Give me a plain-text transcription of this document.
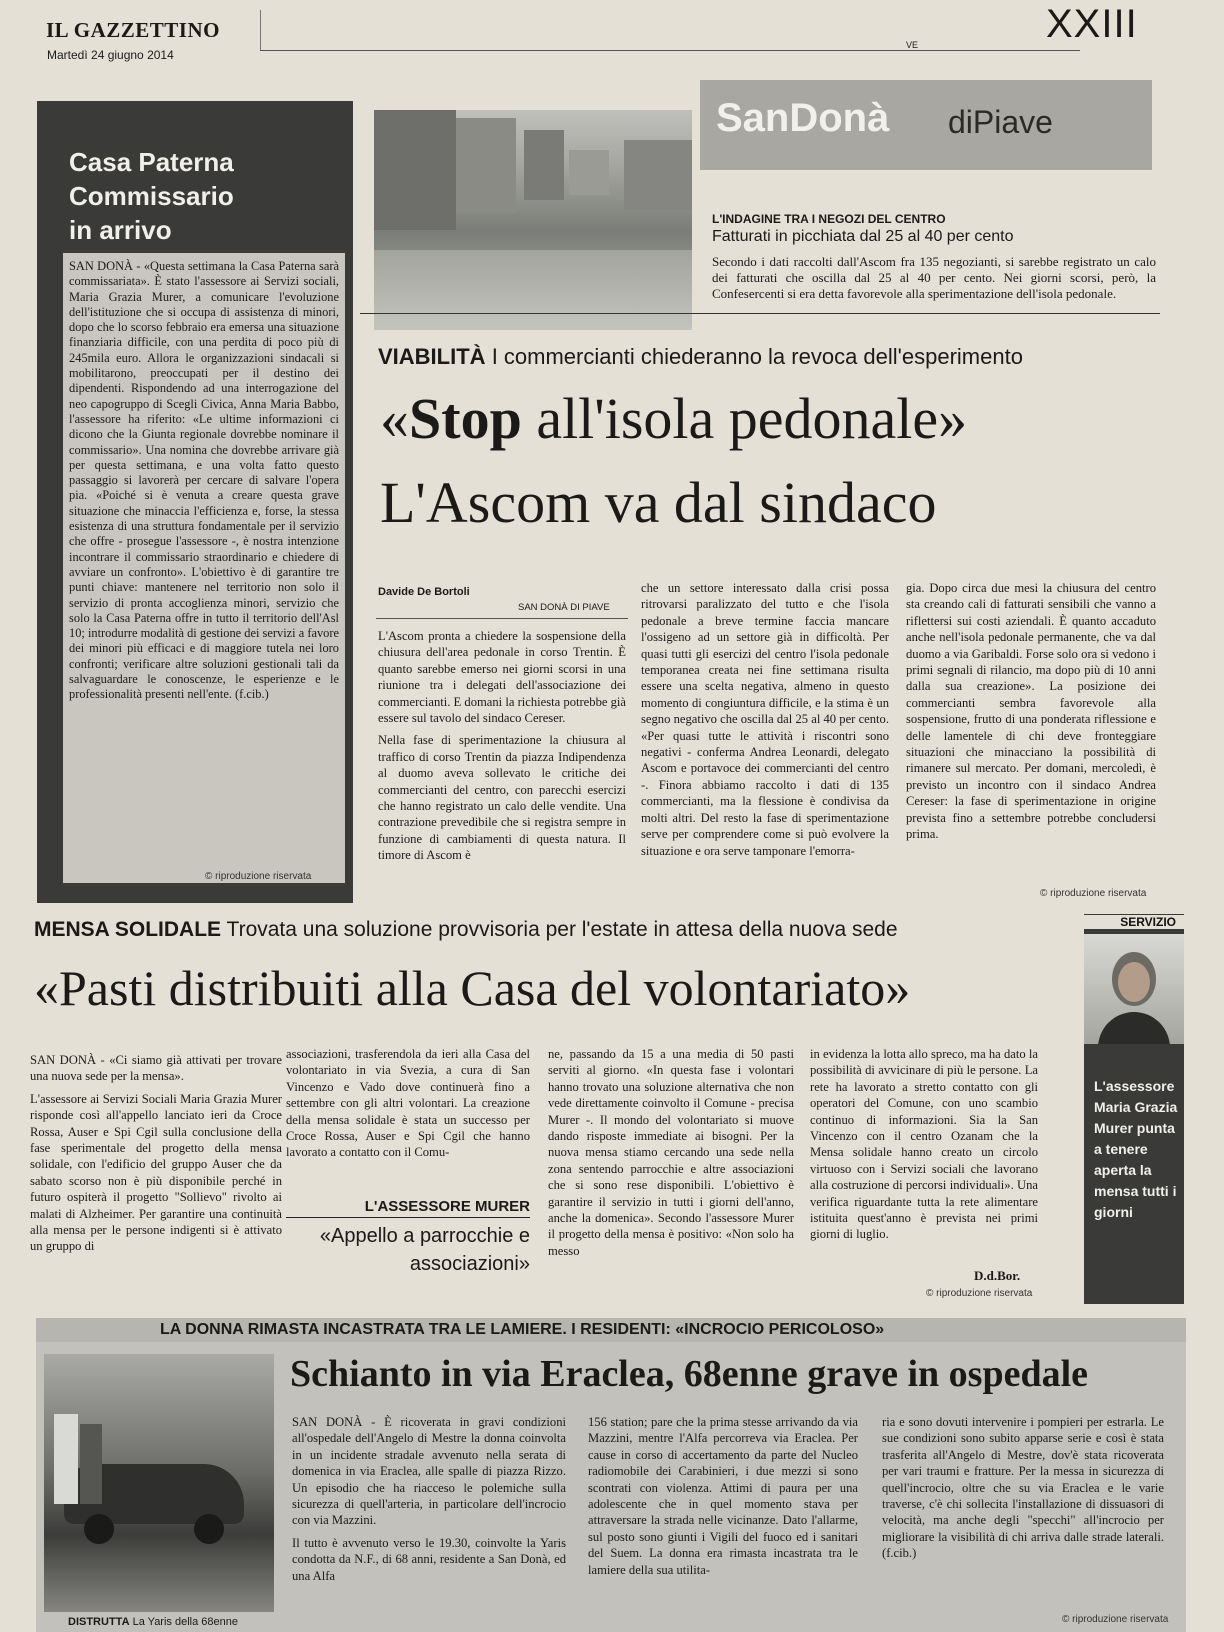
IL GAZZETTINO
Martedì 24 giugno 2014
VE	XXIII
Casa Paterna
Commissario
in arrivo

SAN DONÀ - «Questa settimana la Casa Paterna sarà commissariata». È stato l'assessore ai Servizi sociali, Maria Grazia Murer, a comunicare l'evoluzione dell'istituzione che si occupa di assistenza di minori, dopo che lo scorso febbraio era emersa una situazione finanziaria difficile, con una perdita di poco più di 245mila euro. Allora le organizzazioni sindacali si mobilitarono, preoccupati per il destino dei dipendenti. Rispondendo ad una interrogazione del neo capogruppo di Scegli Civica, Anna Maria Babbo, l'assessore ha riferito: «Le ultime informazioni ci dicono che la Giunta regionale dovrebbe nominare il commissario». Una nomina che dovrebbe arrivare già per questa settimana, e una volta fatto questo passaggio si lavorerà per cercare di salvare l'opera pia. «Poiché si è venuta a creare questa grave situazione che minaccia l'efficienza e, forse, la stessa esistenza di una struttura fondamentale per il servizio che offre - prosegue l'assessore -, è nostra intenzione incontrare il commissario straordinario e chiedere di avviare un confronto». L'obiettivo è di garantire tre punti chiave: mantenere nel territorio non solo il servizio di pronta accoglienza minori, servizio che solo la Casa Paterna offre in tutto il territorio dell'Asl 10; introdurre modalità di gestione dei servizi a favore dei minori più efficaci e di maggiore tutela nei loro confronti; verificare altre soluzioni gestionali tali da salvaguardare le conoscenze, le esperienze e le professionalità presenti nell'ente. (f.cib.)

© riproduzione riservata
SanDonà diPiave
L'INDAGINE TRA I NEGOZI DEL CENTRO
Fatturati in picchiata dal 25 al 40 per cento

Secondo i dati raccolti dall'Ascom fra 135 negozianti, si sarebbe registrato un calo dei fatturati che oscilla dal 25 al 40 per cento. Nei giorni scorsi, però, la Confesercenti si era detta favorevole alla sperimentazione dell'isola pedonale.

VIABILITÀ I commercianti chiederanno la revoca dell'esperimento
«Stop all'isola pedonale»
L'Ascom va dal sindaco
Davide De Bortoli
SAN DONÀ DI PIAVE

L'Ascom pronta a chiedere la sospensione della chiusura dell'area pedonale in corso Trentin. È quanto sarebbe emerso nei giorni scorsi in una riunione tra i delegati dell'associazione dei commercianti. E domani la richiesta potrebbe già essere sul tavolo del sindaco Cereser.

Nella fase di sperimentazione la chiusura al traffico di corso Trentin da piazza Indipendenza al duomo aveva sollevato le critiche dei commercianti del centro, con parecchi esercizi che hanno registrato un calo delle vendite. Una contrazione prevedibile che si registra sempre in funzione di cambiamenti di questa natura. Il timore di Ascom è

che un settore interessato dalla crisi possa ritrovarsi paralizzato del tutto e che l'isola pedonale a breve termine faccia mancare l'ossigeno ad un settore già in difficoltà. Per quasi tutti gli esercizi del centro l'isola pedonale temporanea creata nei fine settimana risulta essere una scelta negativa, almeno in questo momento di congiuntura difficile, e la stima è un segno negativo che oscilla dal 25 al 40 per cento. «Per quasi tutte le attività i riscontri sono negativi - conferma Andrea Leonardi, delegato Ascom e portavoce dei commercianti del centro -. Finora abbiamo raccolto i dati di 135 commercianti, ma la flessione è condivisa da molti altri. Del resto la fase di sperimentazione serve per comprendere come si può evolvere la situazione e ora serve tamponare l'emorra-

gia. Dopo circa due mesi la chiusura del centro sta creando cali di fatturati sensibili che vanno a riflettersi sui costi aziendali. È quanto accaduto anche nell'isola pedonale permanente, che va dal duomo a via Garibaldi. Forse solo ora si vedono i primi segnali di rilancio, ma dopo più di 10 anni dalla sua creazione». La posizione dei commercianti sembra favorevole alla sospensione, frutto di una ponderata riflessione e delle lamentele di chi deve fronteggiare situazioni che minacciano la possibilità di rimanere sul mercato. Per domani, mercoledì, è previsto un incontro con il sindaco Andrea Cereser: la fase di sperimentazione in origine prevista fino a settembre potrebbe concludersi prima.

© riproduzione riservata
MENSA SOLIDALE Trovata una soluzione provvisoria per l'estate in attesa della nuova sede
«Pasti distribuiti alla Casa del volontariato»

SAN DONÀ - «Ci siamo già attivati per trovare una nuova sede per la mensa».

L'assessore ai Servizi Sociali Maria Grazia Murer risponde così all'appello lanciato ieri da Croce Rossa, Auser e Spi Cgil sulla conclusione della fase sperimentale del progetto della mensa solidale, con l'edificio del gruppo Auser che da sabato scorso non è più disponibile perché in futuro ospiterà il progetto "Sollievo" rivolto ai malati di Alzheimer. Per garantire una continuità alla mensa per le persone indigenti si è attivato un gruppo di

associazioni, trasferendola da ieri alla Casa del volontariato in via Svezia, a cura di San Vincenzo e Vado dove continuerà fino a settembre con gli altri volontari. La creazione della mensa solidale è stata un successo per Croce Rossa, Auser e Spi Cgil che hanno lavorato a contatto con il Comu-

L'ASSESSORE MURER
«Appello a parrocchie e associazioni»

ne, passando da 15 a una media di 50 pasti serviti al giorno. «In questa fase i volontari hanno trovato una soluzione alternativa che non vede direttamente coinvolto il Comune - precisa Murer -. Il mondo del volontariato si muove dando risposte immediate ai bisogni. Per la nuova mensa stiamo cercando una sede nella zona sentendo parrocchie e altre associazioni che si sono rese disponibili. L'obiettivo è garantire il servizio in tutti i giorni dell'anno, anche la domenica». Secondo l'assessore Murer il progetto della mensa è positivo: «Non solo ha messo

in evidenza la lotta allo spreco, ma ha dato la possibilità di avvicinare di più le persone. La rete ha lavorato a stretto contatto con gli operatori del Comune, con uno scambio continuo di informazioni. Sia la San Vincenzo con il centro Ozanam che la Mensa solidale hanno creato un circolo virtuoso con i Servizi sociali che lavorano alla costruzione di percorsi individuali». Una verifica riguardante tutta la rete alimentare istituita quest'anno è prevista nei primi giorni di luglio.

D.d.Bor.
© riproduzione riservata
SERVIZIO
L'assessore Maria Grazia Murer punta a tenere aperta la mensa tutti i giorni
LA DONNA RIMASTA INCASTRATA TRA LE LAMIERE. I RESIDENTI: «INCROCIO PERICOLOSO»
DISTRUTTA La Yaris della 68enne
Schianto in via Eraclea, 68enne grave in ospedale

SAN DONÀ - È ricoverata in gravi condizioni all'ospedale dell'Angelo di Mestre la donna coinvolta in un incidente stradale avvenuto nella serata di domenica in via Eraclea, alle spalle di piazza Rizzo. Un episodio che ha riacceso le polemiche sulla sicurezza di quell'arteria, in particolare dell'incrocio con via Mazzini.

Il tutto è avvenuto verso le 19.30, coinvolte la Yaris condotta da N.F., di 68 anni, residente a San Donà, ed una Alfa

156 station; pare che la prima stesse arrivando da via Mazzini, mentre l'Alfa percorreva via Eraclea. Per cause in corso di accertamento da parte del Nucleo radiomobile dei Carabinieri, i due mezzi si sono scontrati con violenza. Attimi di paura per una adolescente che in quel momento stava per attraversare la strada nelle vicinanze. Dato l'allarme, sul posto sono giunti i Vigili del fuoco ed i sanitari del Suem. La donna era rimasta incastrata tra le lamiere della sua utilita-

ria e sono dovuti intervenire i pompieri per estrarla. Le sue condizioni sono subito apparse serie e così è stata trasferita all'Angelo di Mestre, dov'è stata ricoverata per vari traumi e fratture. Per la messa in sicurezza di quell'incrocio, oltre che su via Eraclea e le varie traverse, c'è chi sollecita l'installazione di dissuasori di velocità, ma anche degli "specchi" all'incrocio per migliorare la visibilità di chi arriva dalle strade laterali. (f.cib.)

© riproduzione riservata
